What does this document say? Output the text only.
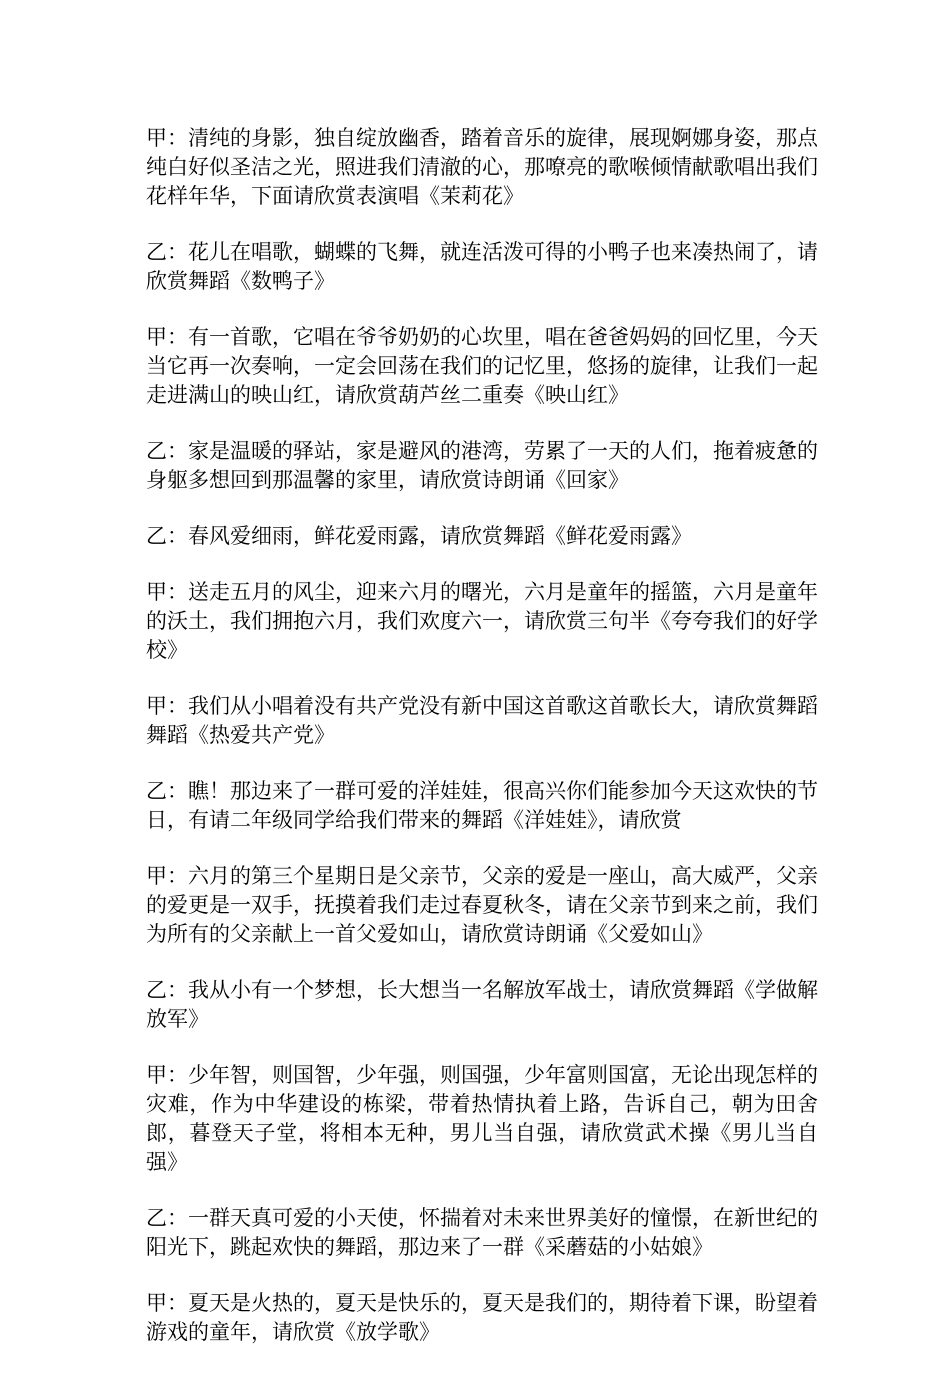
甲：清纯的身影，独自绽放幽香，踏着音乐的旋律，展现婀娜身姿，那点纯白好似圣洁之光，照进我们清澈的心，那嘹亮的歌喉倾情献歌唱出我们花样年华，下面请欣赏表演唱《茉莉花》

乙：花儿在唱歌，蝴蝶的飞舞，就连活泼可得的小鸭子也来凑热闹了，请欣赏舞蹈《数鸭子》

甲：有一首歌，它唱在爷爷奶奶的心坎里，唱在爸爸妈妈的回忆里，今天当它再一次奏响，一定会回荡在我们的记忆里，悠扬的旋律，让我们一起走进满山的映山红，请欣赏葫芦丝二重奏《映山红》

乙：家是温暖的驿站，家是避风的港湾，劳累了一天的人们，拖着疲惫的身躯多想回到那温馨的家里，请欣赏诗朗诵《回家》

乙：春风爱细雨，鲜花爱雨露，请欣赏舞蹈《鲜花爱雨露》

甲：送走五月的风尘，迎来六月的曙光，六月是童年的摇篮，六月是童年的沃土，我们拥抱六月，我们欢度六一，请欣赏三句半《夸夸我们的好学校》

甲：我们从小唱着没有共产党没有新中国这首歌这首歌长大，请欣赏舞蹈舞蹈《热爱共产党》

乙：瞧！那边来了一群可爱的洋娃娃，很高兴你们能参加今天这欢快的节日，有请二年级同学给我们带来的舞蹈《洋娃娃》，请欣赏

甲：六月的第三个星期日是父亲节，父亲的爱是一座山，高大威严，父亲的爱更是一双手，抚摸着我们走过春夏秋冬，请在父亲节到来之前，我们为所有的父亲献上一首父爱如山，请欣赏诗朗诵《父爱如山》

乙：我从小有一个梦想，长大想当一名解放军战士，请欣赏舞蹈《学做解放军》

甲：少年智，则国智，少年强，则国强，少年富则国富，无论出现怎样的灾难，作为中华建设的栋梁，带着热情执着上路，告诉自己，朝为田舍郎，暮登天子堂，将相本无种，男儿当自强，请欣赏武术操《男儿当自强》

乙：一群天真可爱的小天使，怀揣着对未来世界美好的憧憬，在新世纪的阳光下，跳起欢快的舞蹈，那边来了一群《采蘑菇的小姑娘》

甲：夏天是火热的，夏天是快乐的，夏天是我们的，期待着下课，盼望着游戏的童年，请欣赏《放学歌》
